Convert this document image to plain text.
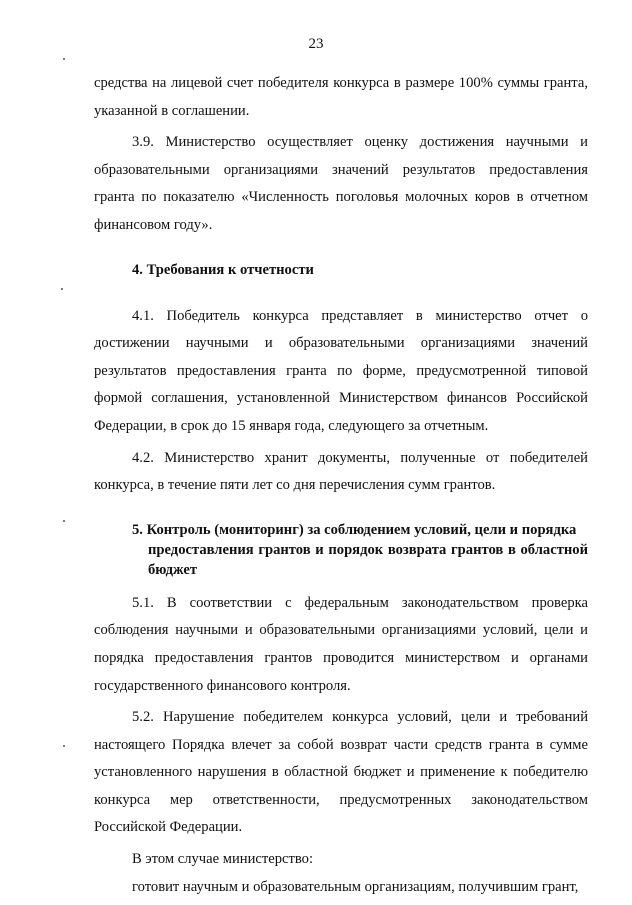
23

средства на лицевой счет победителя конкурса в размере 100% суммы гранта, указанной в соглашении.

3.9. Министерство осуществляет оценку достижения научными и образовательными организациями значений результатов предоставления гранта по показателю «Численность поголовья молочных коров в отчетном финансовом году».

4. Требования к отчетности

4.1. Победитель конкурса представляет в министерство отчет о достижении научными и образовательными организациями значений результатов предоставления гранта по форме, предусмотренной типовой формой соглашения, установленной Министерством финансов Российской Федерации, в срок до 15 января года, следующего за отчетным.

4.2. Министерство хранит документы, полученные от победителей конкурса, в течение пяти лет со дня перечисления сумм грантов.

5. Контроль (мониторинг) за соблюдением условий, цели и порядка
предоставления грантов и порядок возврата грантов в областной бюджет

5.1. В соответствии с федеральным законодательством проверка соблюдения научными и образовательными организациями условий, цели и порядка предоставления грантов проводится министерством и органами государственного финансового контроля.

5.2. Нарушение победителем конкурса условий, цели и требований настоящего Порядка влечет за собой возврат части средств гранта в сумме установленного нарушения в областной бюджет и применение к победителю конкурса мер ответственности, предусмотренных законодательством Российской Федерации.

В этом случае министерство:

готовит научным и образовательным организациям, получившим грант,
